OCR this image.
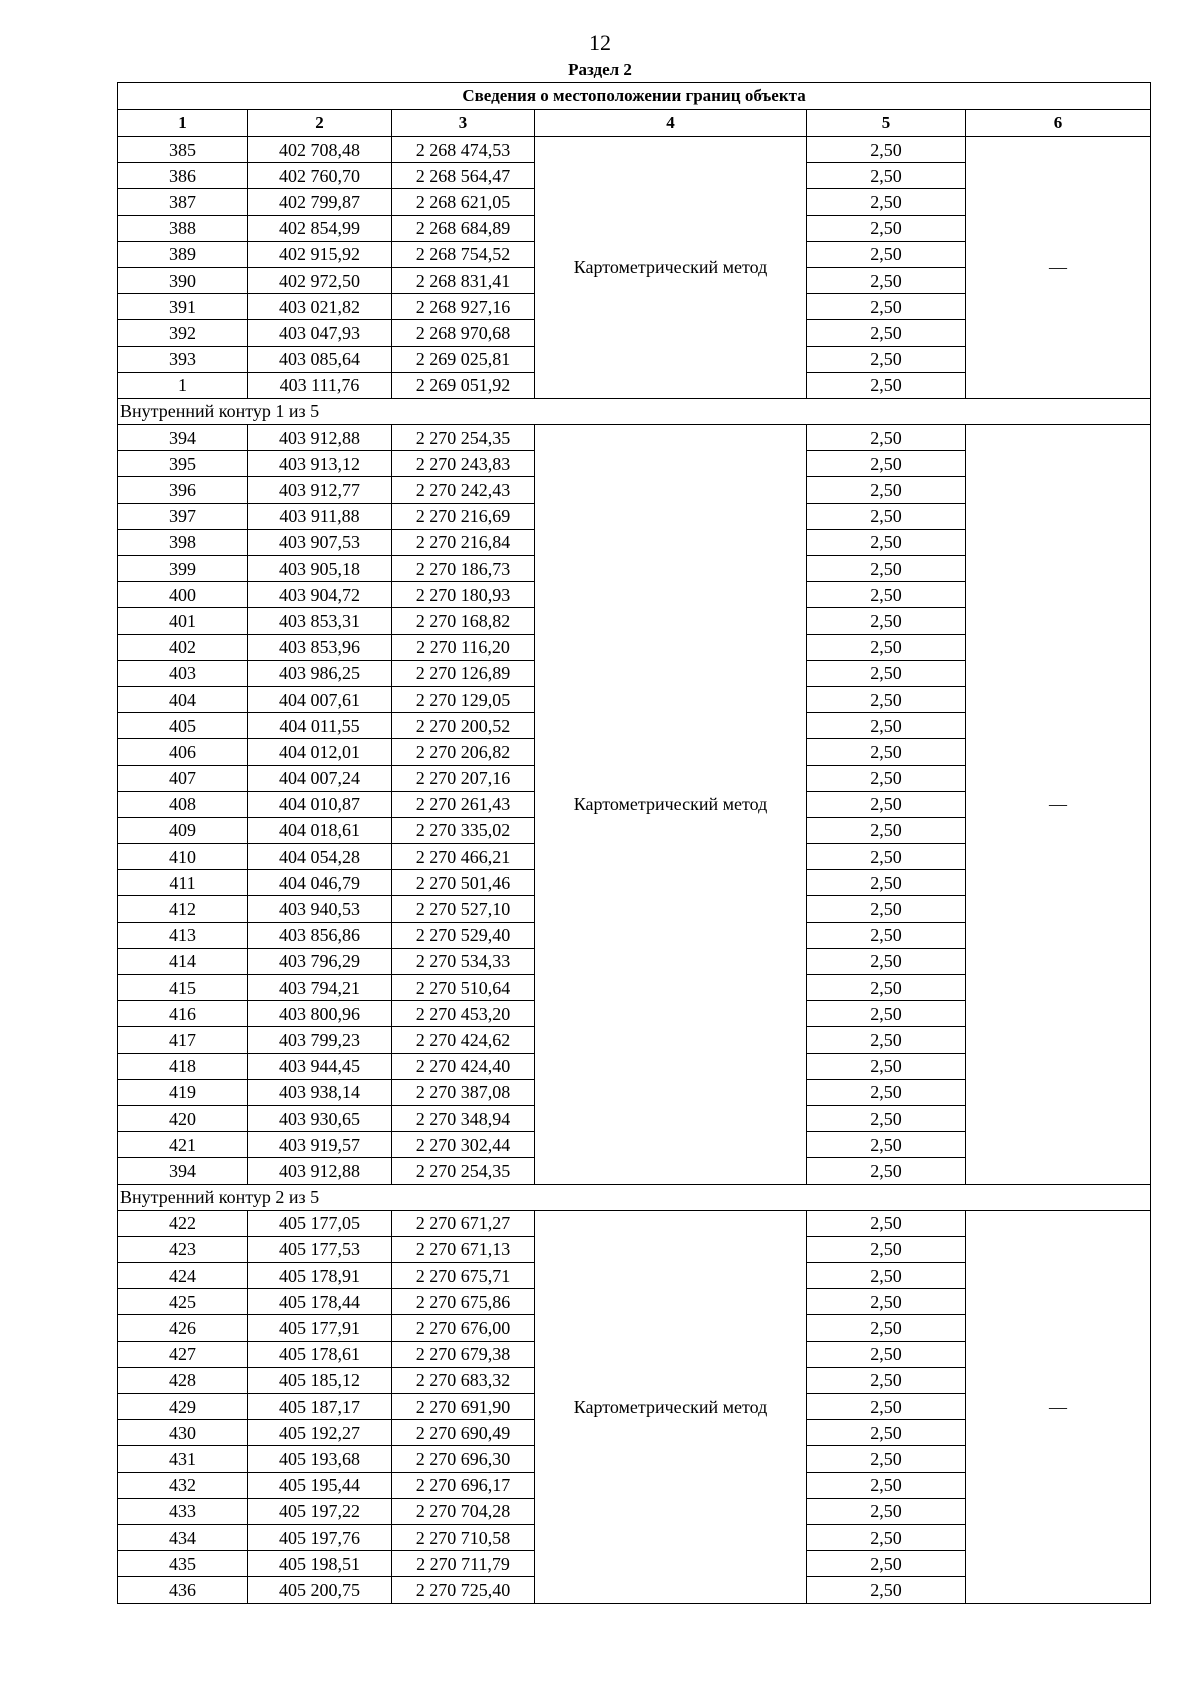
12
Раздел 2
Сведения о местоположении границ объекта					
1	2	3	4	5	6
385	402 708,48	2 268 474,53	Картометрический метод	2,50	—
386	402 760,70	2 268 564,47		2,50	
387	402 799,87	2 268 621,05		2,50	
388	402 854,99	2 268 684,89		2,50	
389	402 915,92	2 268 754,52		2,50	
390	402 972,50	2 268 831,41		2,50	
391	403 021,82	2 268 927,16		2,50	
392	403 047,93	2 268 970,68		2,50	
393	403 085,64	2 269 025,81		2,50	
1	403 111,76	2 269 051,92		2,50	
Внутренний контур 1 из 5					
394	403 912,88	2 270 254,35	Картометрический метод	2,50	—
395	403 913,12	2 270 243,83		2,50	
396	403 912,77	2 270 242,43		2,50	
397	403 911,88	2 270 216,69		2,50	
398	403 907,53	2 270 216,84		2,50	
399	403 905,18	2 270 186,73		2,50	
400	403 904,72	2 270 180,93		2,50	
401	403 853,31	2 270 168,82		2,50	
402	403 853,96	2 270 116,20		2,50	
403	403 986,25	2 270 126,89		2,50	
404	404 007,61	2 270 129,05		2,50	
405	404 011,55	2 270 200,52		2,50	
406	404 012,01	2 270 206,82		2,50	
407	404 007,24	2 270 207,16		2,50	
408	404 010,87	2 270 261,43		2,50	
409	404 018,61	2 270 335,02		2,50	
410	404 054,28	2 270 466,21		2,50	
411	404 046,79	2 270 501,46		2,50	
412	403 940,53	2 270 527,10		2,50	
413	403 856,86	2 270 529,40		2,50	
414	403 796,29	2 270 534,33		2,50	
415	403 794,21	2 270 510,64		2,50	
416	403 800,96	2 270 453,20		2,50	
417	403 799,23	2 270 424,62		2,50	
418	403 944,45	2 270 424,40		2,50	
419	403 938,14	2 270 387,08		2,50	
420	403 930,65	2 270 348,94		2,50	
421	403 919,57	2 270 302,44		2,50	
394	403 912,88	2 270 254,35		2,50	
Внутренний контур 2 из 5					
422	405 177,05	2 270 671,27	Картометрический метод	2,50	—
423	405 177,53	2 270 671,13		2,50	
424	405 178,91	2 270 675,71		2,50	
425	405 178,44	2 270 675,86		2,50	
426	405 177,91	2 270 676,00		2,50	
427	405 178,61	2 270 679,38		2,50	
428	405 185,12	2 270 683,32		2,50	
429	405 187,17	2 270 691,90		2,50	
430	405 192,27	2 270 690,49		2,50	
431	405 193,68	2 270 696,30		2,50	
432	405 195,44	2 270 696,17		2,50	
433	405 197,22	2 270 704,28		2,50	
434	405 197,76	2 270 710,58		2,50	
435	405 198,51	2 270 711,79		2,50	
436	405 200,75	2 270 725,40		2,50	
